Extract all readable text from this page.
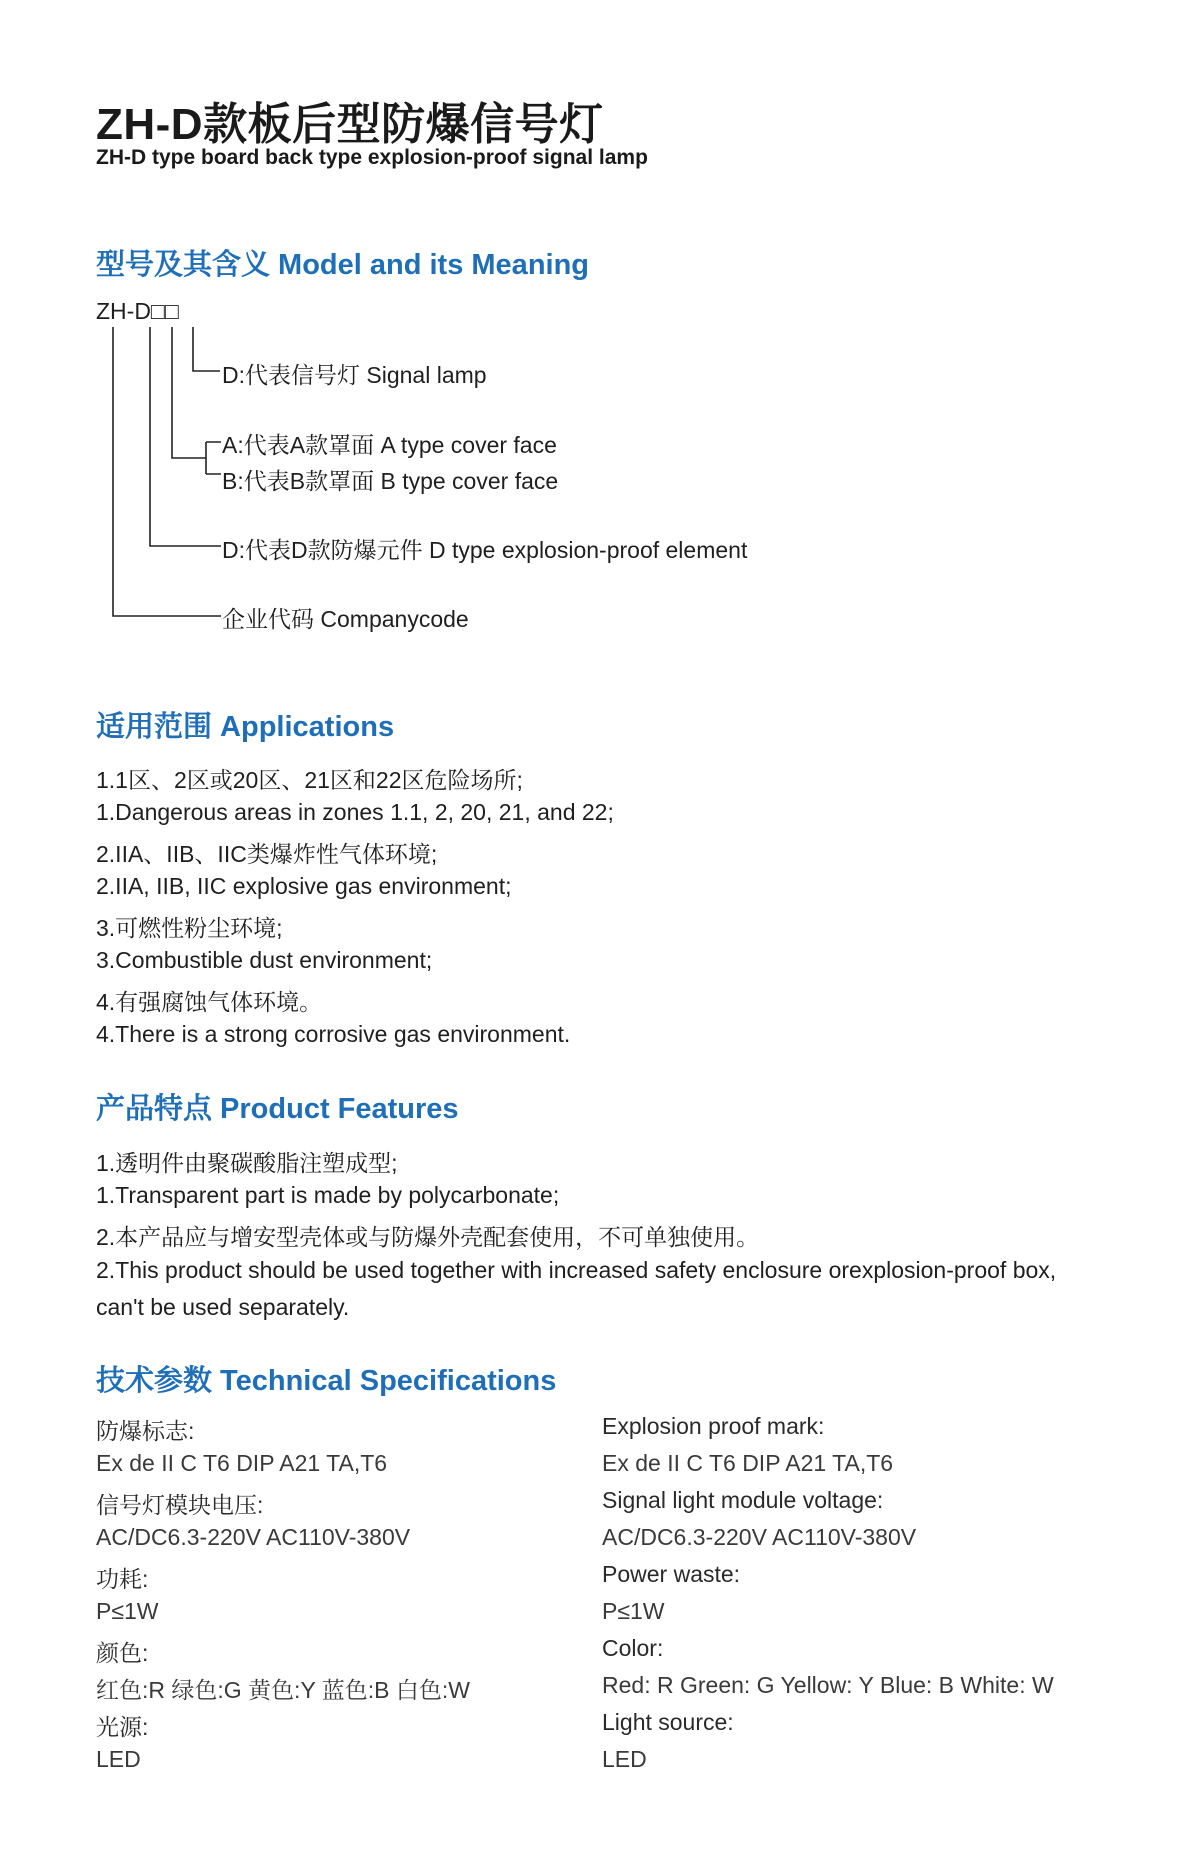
ZH-D款板后型防爆信号灯
ZH-D type board back type explosion-proof signal lamp
型号及其含义 Model and its Meaning
ZH-D□□
D:代表信号灯 Signal lamp
A:代表A款罩面 A type cover face
B:代表B款罩面 B type cover face
D:代表D款防爆元件 D type explosion-proof element
企业代码 Companycode
适用范围 Applications
1.1区、2区或20区、21区和22区危险场所;
1.Dangerous areas in zones 1.1, 2, 20, 21, and 22;
2.IIA、IIB、IIC类爆炸性气体环境;
2.IIA, IIB, IIC explosive gas environment;
3.可燃性粉尘环境;
3.Combustible dust environment;
4.有强腐蚀气体环境。
4.There is a strong corrosive gas environment.
产品特点 Product Features
1.透明件由聚碳酸脂注塑成型;
1.Transparent part is made by polycarbonate;
2.本产品应与增安型壳体或与防爆外壳配套使用，不可单独使用。
2.This product should be used together with increased safety enclosure orexplosion-proof box, can't be used separately.
技术参数 Technical Specifications
防爆标志:
Ex de II C T6 DIP A21 TA,T6
信号灯模块电压:
AC/DC6.3-220V AC110V-380V
功耗:
P≤1W
颜色:
红色:R 绿色:G 黄色:Y 蓝色:B 白色:W
光源:
LED
Explosion proof mark:
Ex de II C T6 DIP A21 TA,T6
Signal light module voltage:
AC/DC6.3-220V AC110V-380V
Power waste:
P≤1W
Color:
Red: R Green: G Yellow: Y Blue: B White: W
Light source:
LED
